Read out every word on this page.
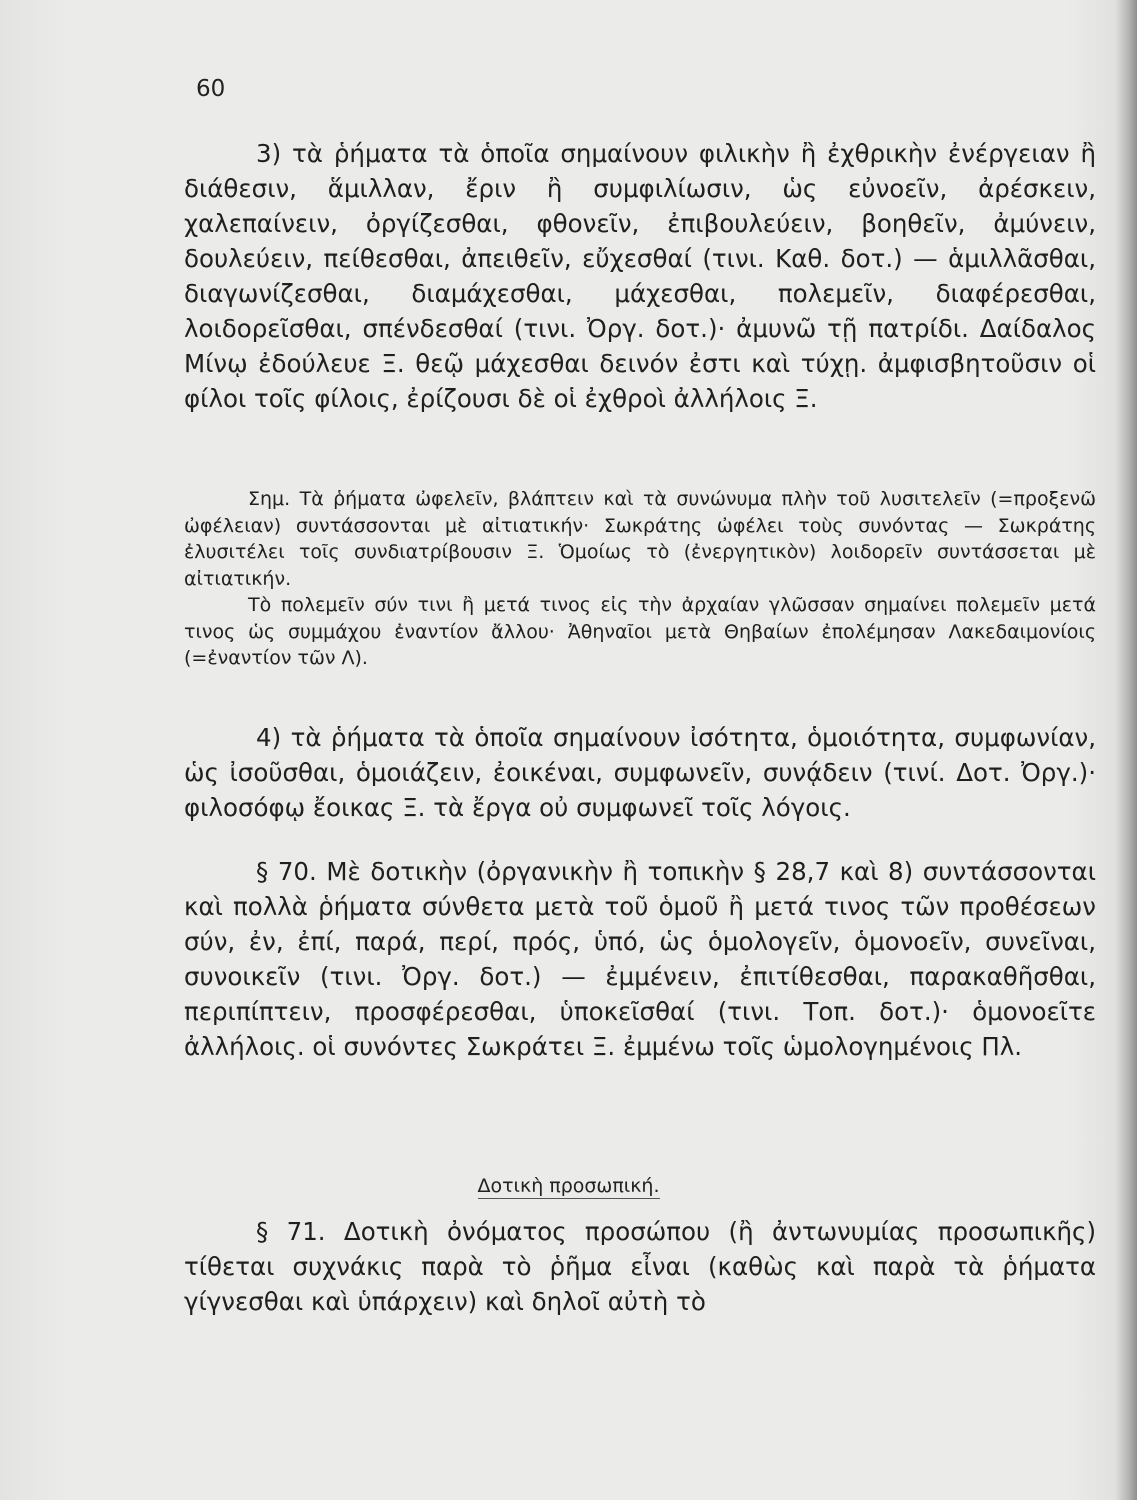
60

3) τὰ ῥήματα τὰ ὁποῖα σημαίνουν φιλικὴν ἢ ἐχθρικὴν ἐνέργειαν ἢ διάθεσιν, ἅμιλλαν, ἔριν ἢ συμφιλίωσιν, ὡς εὐνοεῖν, ἀρέσκειν, χαλεπαίνειν, ὀργίζεσθαι, φθονεῖν, ἐπιβουλεύειν, βοηθεῖν, ἀμύνειν, δουλεύειν, πείθεσθαι, ἀπειθεῖν, εὔχεσθαί (τινι. Καθ. δοτ.) — ἁμιλλᾶσθαι, διαγωνίζεσθαι, διαμάχεσθαι, μάχεσθαι, πολεμεῖν, διαφέρεσθαι, λοιδορεῖσθαι, σπένδεσθαί (τινι. Ὀργ. δοτ.)· ἀμυνῶ τῇ πατρίδι. Δαίδαλος Μίνῳ ἐδούλευε Ξ. θεῷ μάχεσθαι δεινόν ἐστι καὶ τύχῃ. ἀμφισβητοῦσιν οἱ φίλοι τοῖς φίλοις, ἐρίζουσι δὲ οἱ ἐχθροὶ ἀλλήλοις Ξ.

Σημ. Τὰ ῥήματα ὠφελεῖν, βλάπτειν καὶ τὰ συνώνυμα πλὴν τοῦ λυσιτελεῖν (=προξενῶ ὠφέλειαν) συντάσσονται μὲ αἰτιατικήν· Σωκράτης ὠφέλει τοὺς συνόντας — Σωκράτης ἐλυσιτέλει τοῖς συνδιατρίβουσιν Ξ. Ὁμοίως τὸ (ἐνεργητικὸν) λοιδορεῖν συντάσσεται μὲ αἰτιατικήν.

Τὸ πολεμεῖν σύν τινι ἢ μετά τινος εἰς τὴν ἀρχαίαν γλῶσσαν σημαίνει πολεμεῖν μετά τινος ὡς συμμάχου ἐναντίον ἄλλου· Ἀθηναῖοι μετὰ Θηβαίων ἐπολέμησαν Λακεδαιμονίοις (=ἐναντίον τῶν Λ).

4) τὰ ῥήματα τὰ ὁποῖα σημαίνουν ἰσότητα, ὁμοιότητα, συμφωνίαν, ὡς ἰσοῦσθαι, ὁμοιάζειν, ἐοικέναι, συμφωνεῖν, συνᾴδειν (τινί. Δοτ. Ὀργ.)· φιλοσόφῳ ἔοικας Ξ. τὰ ἔργα οὐ συμφωνεῖ τοῖς λόγοις.

§ 70. Μὲ δοτικὴν (ὀργανικὴν ἢ τοπικὴν § 28,7 καὶ 8) συντάσσονται καὶ πολλὰ ῥήματα σύνθετα μετὰ τοῦ ὁμοῦ ἢ μετά τινος τῶν προθέσεων σύν, ἐν, ἐπί, παρά, περί, πρός, ὑπό, ὡς ὁμολογεῖν, ὁμονοεῖν, συνεῖναι, συνοικεῖν (τινι. Ὀργ. δοτ.) — ἐμμένειν, ἐπιτίθεσθαι, παρακαθῆσθαι, περιπίπτειν, προσφέρεσθαι, ὑποκεῖσθαί (τινι. Τοπ. δοτ.)· ὁμονοεῖτε ἀλλήλοις. οἱ συνόντες Σωκράτει Ξ. ἐμμένω τοῖς ὡμολογημένοις Πλ.

Δοτικὴ προσωπική.

§ 71. Δοτικὴ ὀνόματος προσώπου (ἢ ἀντωνυμίας προσωπικῆς) τίθεται συχνάκις παρὰ τὸ ῥῆμα εἶναι (καθὼς καὶ παρὰ τὰ ῥήματα γίγνεσθαι καὶ ὑπάρχειν) καὶ δηλοῖ αὐτὴ τὸ
